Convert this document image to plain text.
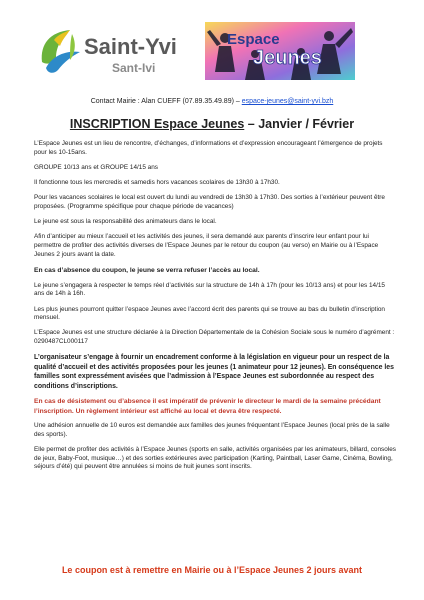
Saint-Yvi
Sant-Ivi
Espace
Jeunes
Contact Mairie : Alan CUEFF (07.89.35.49.89) – espace-jeunes@saint-yvi.bzh
INSCRIPTION Espace Jeunes – Janvier / Février

L’Espace Jeunes est un lieu de rencontre, d’échanges, d’informations et d’expression encourageant l’émergence de projets pour les 10-15ans.

GROUPE 10/13 ans et GROUPE 14/15 ans

Il fonctionne tous les mercredis et samedis hors vacances scolaires de 13h30 à 17h30.

Pour les vacances scolaires le local est ouvert du lundi au vendredi de 13h30 à 17h30. Des sorties à l’extérieur peuvent être proposées. (Programme spécifique pour chaque période de vacances)

Le jeune est sous la responsabilité des animateurs dans le local.

Afin d’anticiper au mieux l’accueil et les activités des jeunes, il sera demandé aux parents d’inscrire leur enfant pour lui permettre de profiter des activités diverses de l’Espace Jeunes par le retour du coupon (au verso) en Mairie ou à l’Espace Jeunes 2 jours avant la date.

En cas d’absence du coupon, le jeune se verra refuser l’accès au local.

Le jeune s’engagera à respecter le temps réel d’activités sur la structure de 14h à 17h (pour les 10/13 ans) et pour les 14/15 ans de 14h à 16h.

Les plus jeunes pourront quitter l’espace Jeunes avec l’accord écrit des parents qui se trouve au bas du bulletin d’inscription mensuel.

L’Espace Jeunes est une structure déclarée à la Direction Départementale de la Cohésion Sociale sous le numéro d’agrément : 0290487CL000117

L’organisateur s’engage à fournir un encadrement conforme à la législation en vigueur pour un respect de la qualité d’accueil et des activités proposées pour les jeunes (1 animateur pour 12 jeunes). En conséquence les familles sont expressément avisées que l’admission à l’Espace Jeunes est subordonnée au respect des conditions d’inscriptions.

En cas de désistement ou d’absence il est impératif de prévenir le directeur le mardi de la semaine précédant l’inscription. Un règlement intérieur est affiché au local et devra être respecté.

Une adhésion annuelle de 10 euros est demandée aux familles des jeunes fréquentant l’Espace Jeunes (local près de la salle des sports).

Elle permet de profiter des activités à l’Espace Jeunes (sports en salle, activités organisées par les animateurs, billard, consoles de jeux, Baby-Foot, musique…) et des sorties extérieures avec participation (Karting, Paintball, Laser Game, Cinéma, Bowling, séjours d’été) qui peuvent être annulées si moins de huit jeunes sont inscrits.

Le coupon est à remettre en Mairie ou à l’Espace Jeunes 2 jours avant
